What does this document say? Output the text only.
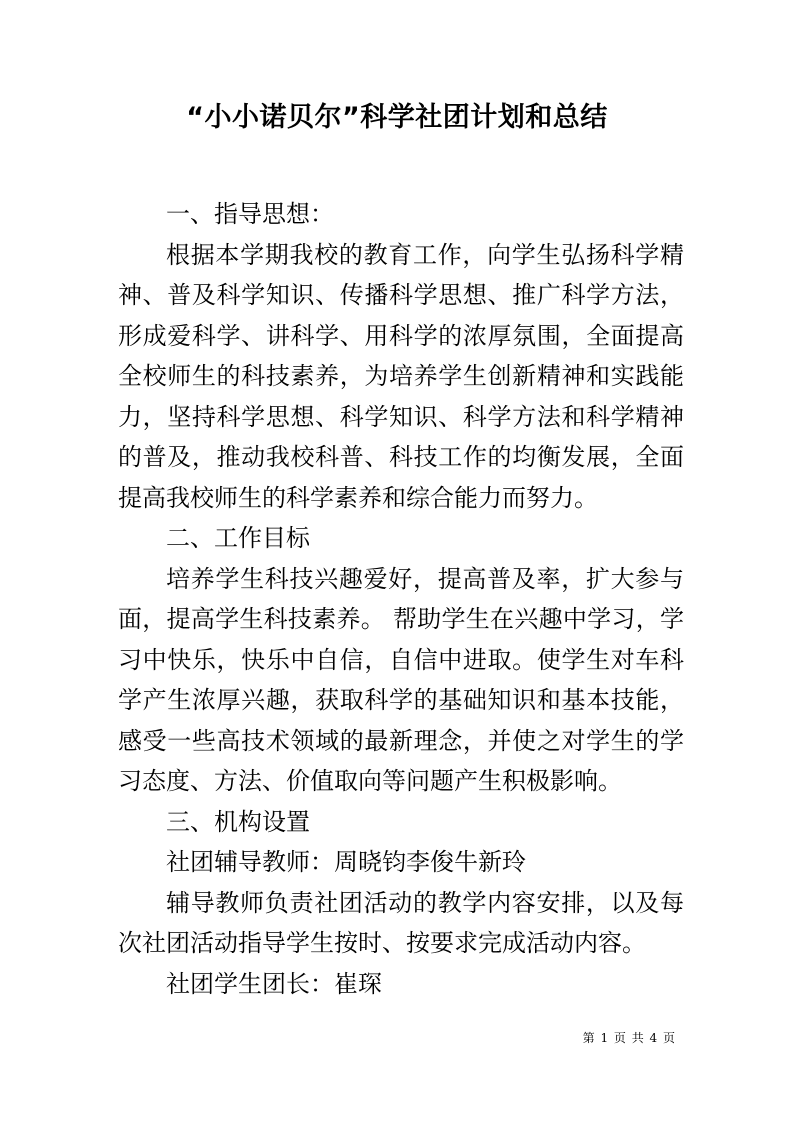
“小小诺贝尔”科学社团计划和总结

一、指导思想：

根据本学期我校的教育工作，向学生弘扬科学精神、普及科学知识、传播科学思想、推广科学方法，形成爱科学、讲科学、用科学的浓厚氛围，全面提高全校师生的科技素养，为培养学生创新精神和实践能力，坚持科学思想、科学知识、科学方法和科学精神的普及，推动我校科普、科技工作的均衡发展，全面提高我校师生的科学素养和综合能力而努力。

二、工作目标

培养学生科技兴趣爱好，提高普及率，扩大参与面，提高学生科技素养。 帮助学生在兴趣中学习，学习中快乐，快乐中自信，自信中进取。使学生对车科学产生浓厚兴趣，获取科学的基础知识和基本技能，感受一些高技术领域的最新理念，并使之对学生的学习态度、方法、价值取向等问题产生积极影响。

三、机构设置

社团辅导教师：周晓钧李俊牛新玲

辅导教师负责社团活动的教学内容安排，以及每次社团活动指导学生按时、按要求完成活动内容。

社团学生团长：崔琛

第 1 页 共 4 页
